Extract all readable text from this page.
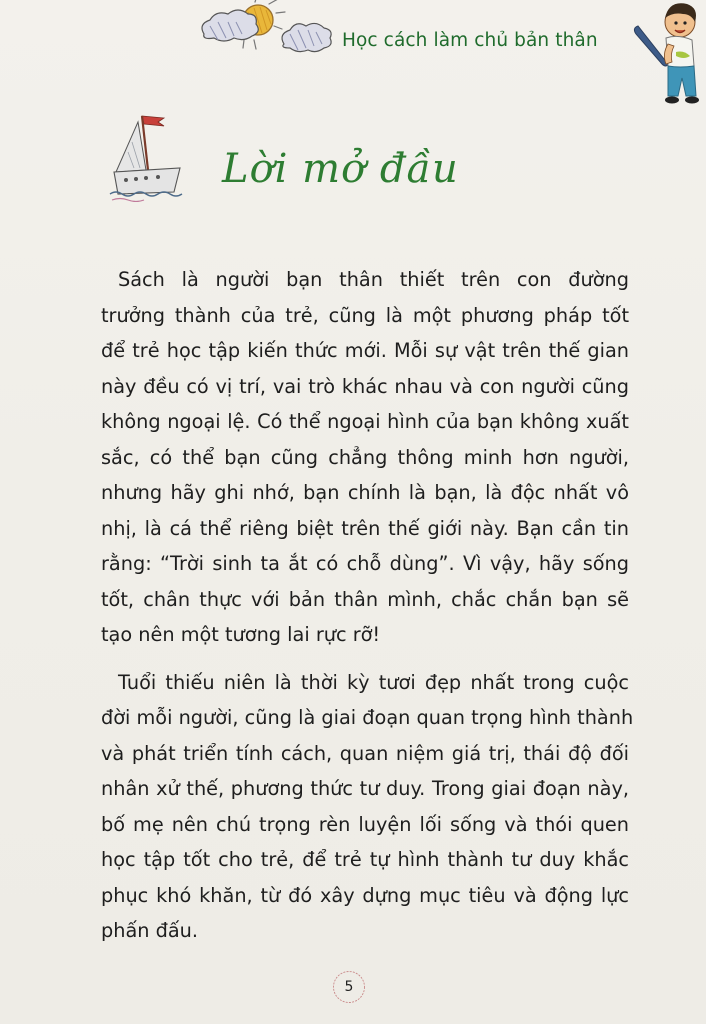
Học cách làm chủ bản thân
Lời mở đầu

Sách là người bạn thân thiết trên con đường
trưởng thành của trẻ, cũng là một phương pháp tốt
để trẻ học tập kiến thức mới. Mỗi sự vật trên thế gian
này đều có vị trí, vai trò khác nhau và con người cũng
không ngoại lệ. Có thể ngoại hình của bạn không xuất
sắc, có thể bạn cũng chẳng thông minh hơn người,
nhưng hãy ghi nhớ, bạn chính là bạn, là độc nhất vô
nhị, là cá thể riêng biệt trên thế giới này. Bạn cần tin
rằng: “Trời sinh ta ắt có chỗ dùng”. Vì vậy, hãy sống
tốt, chân thực với bản thân mình, chắc chắn bạn sẽ
tạo nên một tương lai rực rỡ!

Tuổi thiếu niên là thời kỳ tươi đẹp nhất trong cuộc
đời mỗi người, cũng là giai đoạn quan trọng hình thành
và phát triển tính cách, quan niệm giá trị, thái độ đối
nhân xử thế, phương thức tư duy. Trong giai đoạn này,
bố mẹ nên chú trọng rèn luyện lối sống và thói quen
học tập tốt cho trẻ, để trẻ tự hình thành tư duy khắc
phục khó khăn, từ đó xây dựng mục tiêu và động lực
phấn đấu.

5
